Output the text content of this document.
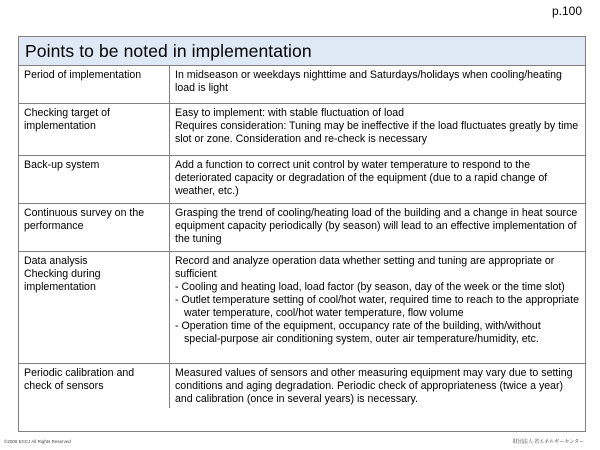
p.100
Points to be noted in implementation
Period of implementation	In midseason or weekdays nighttime and Saturdays/holidays when cooling/heating load is light

Checking target of implementation	Easy to implement: with stable fluctuation of load
Requires consideration: Tuning may be ineffective if the load fluctuates greatly by time slot or zone. Consideration and re-check is necessary

Back-up system	Add a function to correct unit control by water temperature to respond to the deteriorated capacity or degradation of the equipment (due to a rapid change of weather, etc.)

Continuous survey on the performance	Grasping the trend of cooling/heating load of the building and a change in heat source equipment capacity periodically (by season) will lead to an effective implementation of the tuning

Data analysis
Checking during implementation	Record and analyze operation data whether setting and tuning are appropriate or sufficient
- Cooling and heating load, load factor (by season, day of the week or the time slot)
- Outlet temperature setting of cool/hot water, required time to reach to the appropriate water temperature, cool/hot water temperature, flow volume
- Operation time of the equipment, occupancy rate of the building, with/without special-purpose air conditioning system, outer air temperature/humidity, etc.

Periodic calibration and check of sensors	Measured values of sensors and other measuring equipment may vary due to setting conditions and aging degradation. Periodic check of appropriateness (twice a year) and calibration (once in several years) is necessary.
©2008 ECCJ All Rights Reserved	財団法人 省エネルギーセンター
